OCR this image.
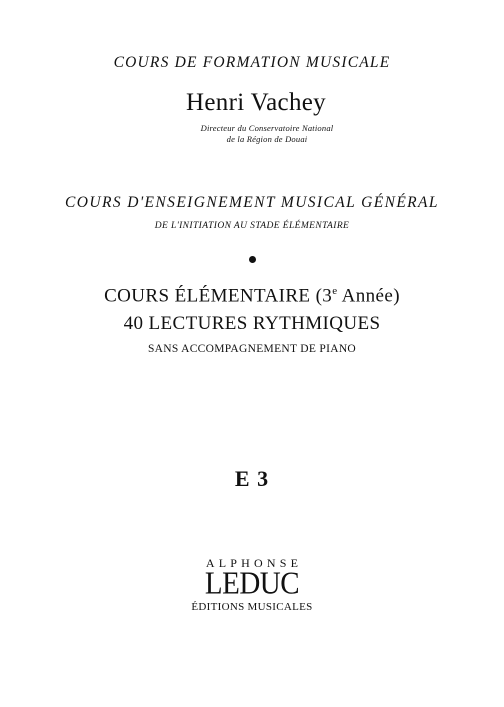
COURS DE FORMATION MUSICALE

Henri Vachey

Directeur du Conservatoire National

de la Région de Douai

COURS D'ENSEIGNEMENT MUSICAL GÉNÉRAL

DE L'INITIATION AU STADE ÉLÉMENTAIRE

COURS ÉLÉMENTAIRE (3e Année)

40 LECTURES RYTHMIQUES

SANS ACCOMPAGNEMENT DE PIANO

E 3

ALPHONSE

LEDUC

ÉDITIONS MUSICALES
